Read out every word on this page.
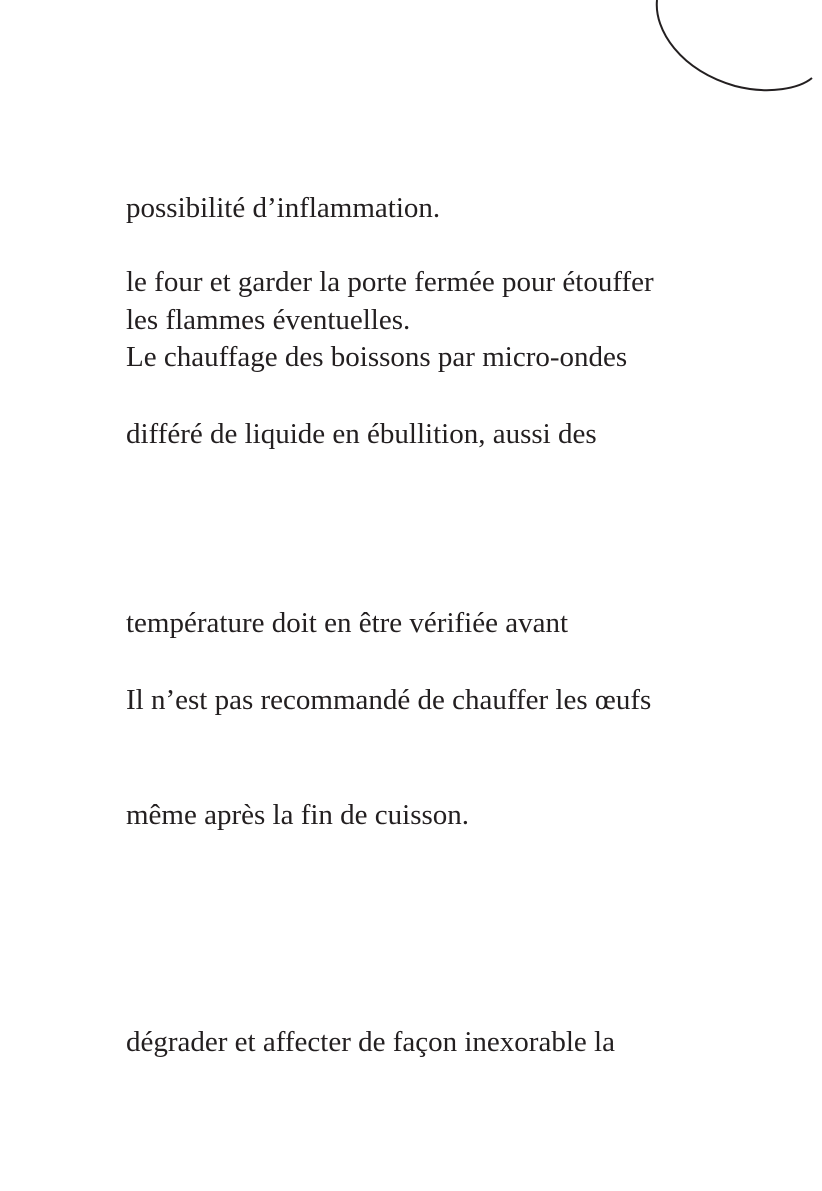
possibilité d’inflammation.

le four et garder la porte fermée pour étouffer

les flammes éventuelles.

Le chauffage des boissons par micro-ondes

différé de liquide en ébullition, aussi des

température doit en être vérifiée avant

Il n’est pas recommandé de chauffer les œufs

même après la fin de cuisson.

dégrader et affecter de façon inexorable la
